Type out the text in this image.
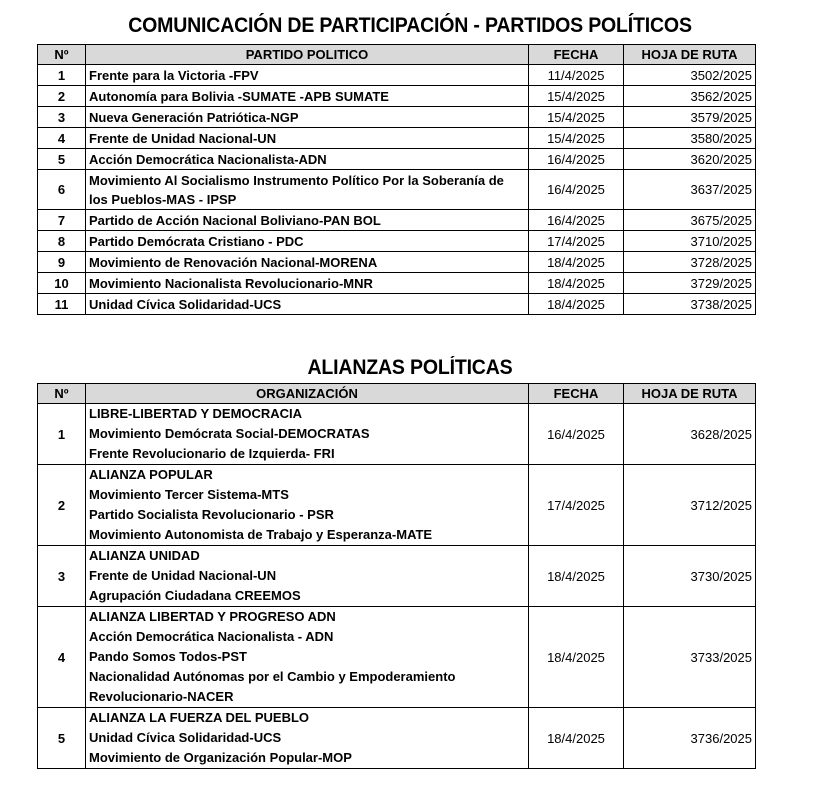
COMUNICACIÓN DE PARTICIPACIÓN - PARTIDOS POLÍTICOS
Nº	PARTIDO POLITICO	FECHA	HOJA DE RUTA
1	Frente para la Victoria -FPV	11/4/2025	3502/2025
2	Autonomía para Bolivia -SUMATE -APB SUMATE	15/4/2025	3562/2025
3	Nueva Generación Patriótica-NGP	15/4/2025	3579/2025
4	Frente de Unidad Nacional-UN	15/4/2025	3580/2025
5	Acción Democrática Nacionalista-ADN	16/4/2025	3620/2025
6	Movimiento Al Socialismo Instrumento Político Por la Soberanía de los Pueblos-MAS - IPSP	16/4/2025	3637/2025
7	Partido de Acción Nacional Boliviano-PAN BOL	16/4/2025	3675/2025
8	Partido Demócrata Cristiano - PDC	17/4/2025	3710/2025
9	Movimiento de Renovación Nacional-MORENA	18/4/2025	3728/2025
10	Movimiento Nacionalista Revolucionario-MNR	18/4/2025	3729/2025
11	Unidad Cívica Solidaridad-UCS	18/4/2025	3738/2025
ALIANZAS POLÍTICAS
Nº	ORGANIZACIÓN	FECHA	HOJA DE RUTA
1	LIBRE-LIBERTAD Y DEMOCRACIA
Movimiento Demócrata Social-DEMOCRATAS
Frente Revolucionario de Izquierda- FRI	16/4/2025	3628/2025
2	ALIANZA POPULAR
Movimiento Tercer Sistema-MTS
Partido Socialista Revolucionario - PSR
Movimiento Autonomista de Trabajo y Esperanza-MATE	17/4/2025	3712/2025
3	ALIANZA UNIDAD
Frente de Unidad Nacional-UN
Agrupación Ciudadana CREEMOS	18/4/2025	3730/2025
4	ALIANZA LIBERTAD Y PROGRESO ADN
Acción Democrática Nacionalista - ADN
Pando Somos Todos-PST
Nacionalidad Autónomas por el Cambio y Empoderamiento
Revolucionario-NACER	18/4/2025	3733/2025
5	ALIANZA LA FUERZA DEL PUEBLO
Unidad Cívica Solidaridad-UCS
Movimiento de Organización Popular-MOP	18/4/2025	3736/2025
